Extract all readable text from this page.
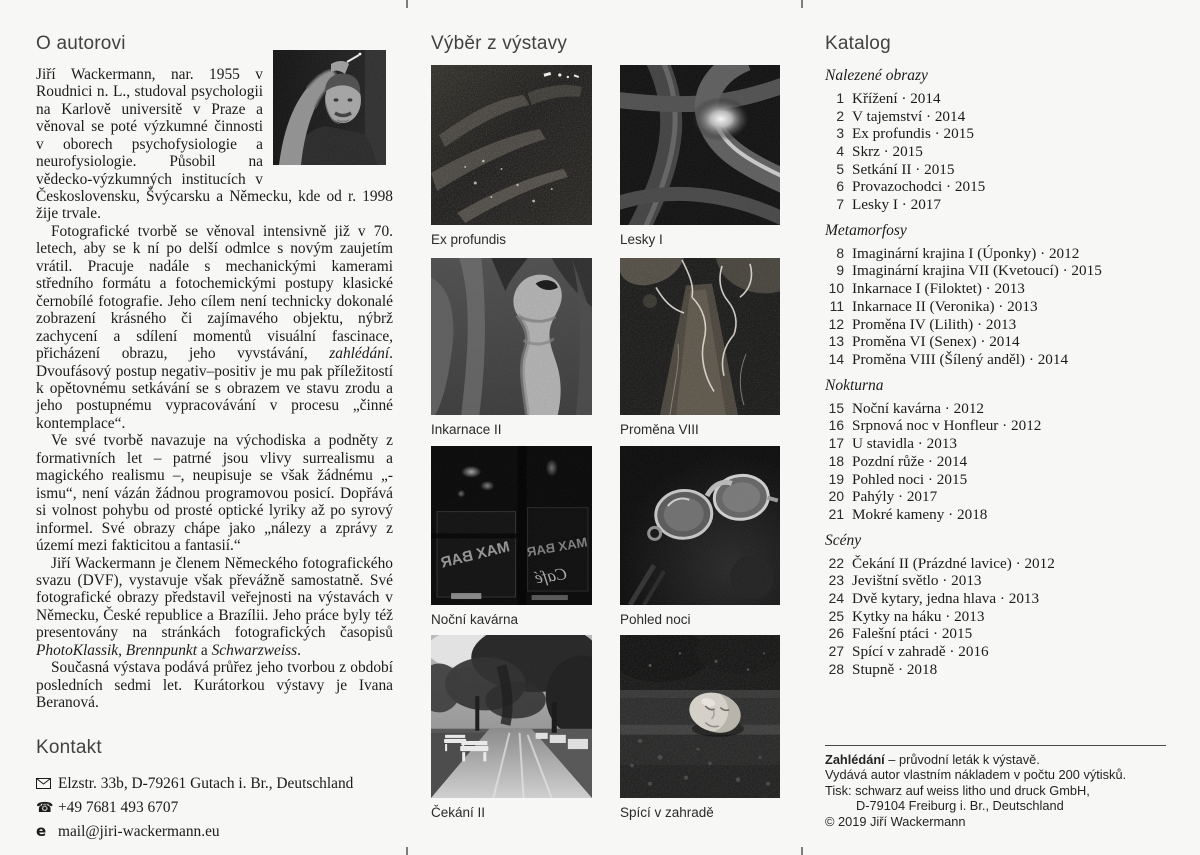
O autorovi

Jiří Wackermann, nar. 1955 v Roudnici n. L., studoval psychologii na Karlově universitě v Praze a věnoval se poté výzkumné činnosti v oborech psychofysiologie a neurofysiologie. Působil na vědecko-výzkumných institucích v Československu, Švýcarsku a Německu, kde od r. 1998 žije trvale.

Fotografické tvorbě se věnoval intensivně již v 70. letech, aby se k ní po delší odmlce s novým zaujetím vrátil. Pracuje nadále s mechanickými kamerami středního formátu a fotochemickými postupy klasické černobílé fotografie. Jeho cílem není technicky dokonalé zobrazení krásného či zajímavého objektu, nýbrž zachycení a sdílení momentů visuální fascinace, přicházení obrazu, jeho vyvstávání, zahlédání. Dvoufásový postup negativ–positiv je mu pak příležitostí k opětovnému setkávání se s obrazem ve stavu zrodu a jeho postupnému vypracovávání v procesu „činné kontemplace“.

Ve své tvorbě navazuje na východiska a podněty z formativních let – patrné jsou vlivy surrealismu a magického realismu –, neupisuje se však žádnému „-ismu“, není vázán žádnou programovou posicí. Dopřává si volnost pohybu od prosté optické lyriky až po syrový informel. Své obrazy chápe jako „nálezy a zprávy z území mezi fakticitou a fantasií.“

Jiří Wackermann je členem Německého fotografického svazu (DVF), vystavuje však převážně samostatně. Své fotografické obrazy představil veřejnosti na výstavách v Německu, České republice a Brazílii. Jeho práce byly též presentovány na stránkách fotografických časopisů PhotoKlassik, Brennpunkt a Schwarzweiss.

Současná výstava podává průřez jeho tvorbou z období posledních sedmi let. Kurátorkou výstavy je Ivana Beranová.

Kontakt
Elzstr. 33b, D-79261 Gutach i. Br., Deutschland
☎ +49 7681 493 6707
e mail@jiri-wackermann.eu
Výběr z výstavy
Ex profundis	Lesky I
Inkarnace II	Proměna VIII
MAX BAR MAX BAR
Café
Noční kavárna	Pohled noci
Čekání II	Spící v zahradě
Katalog
Nalezené obrazy
1 Křížení · 2014
2 V tajemství · 2014
3 Ex profundis · 2015
4 Skrz · 2015
5 Setkání II · 2015
6 Provazochodci · 2015
7 Lesky I · 2017
Metamorfosy
8 Imaginární krajina I (Úponky) · 2012
9 Imaginární krajina VII (Kvetoucí) · 2015
10 Inkarnace I (Filoktet) · 2013
11 Inkarnace II (Veronika) · 2013
12 Proměna IV (Lilith) · 2013
13 Proměna VI (Senex) · 2014
14 Proměna VIII (Šílený anděl) · 2014
Nokturna
15 Noční kavárna · 2012
16 Srpnová noc v Honfleur · 2012
17 U stavidla · 2013
18 Pozdní růže · 2014
19 Pohled noci · 2015
20 Pahýly · 2017
21 Mokré kameny · 2018
Scény
22 Čekání II (Prázdné lavice) · 2012
23 Jevištní světlo · 2013
24 Dvě kytary, jedna hlava · 2013
25 Kytky na háku · 2013
26 Falešní ptáci · 2015
27 Spící v zahradě · 2016
28 Stupně · 2018
Zahlédání – průvodní leták k výstavě.
Vydává autor vlastním nákladem v počtu 200 výtisků.
Tisk: schwarz auf weiss litho und druck GmbH,
D-79104 Freiburg i. Br., Deutschland
© 2019 Jiří Wackermann
